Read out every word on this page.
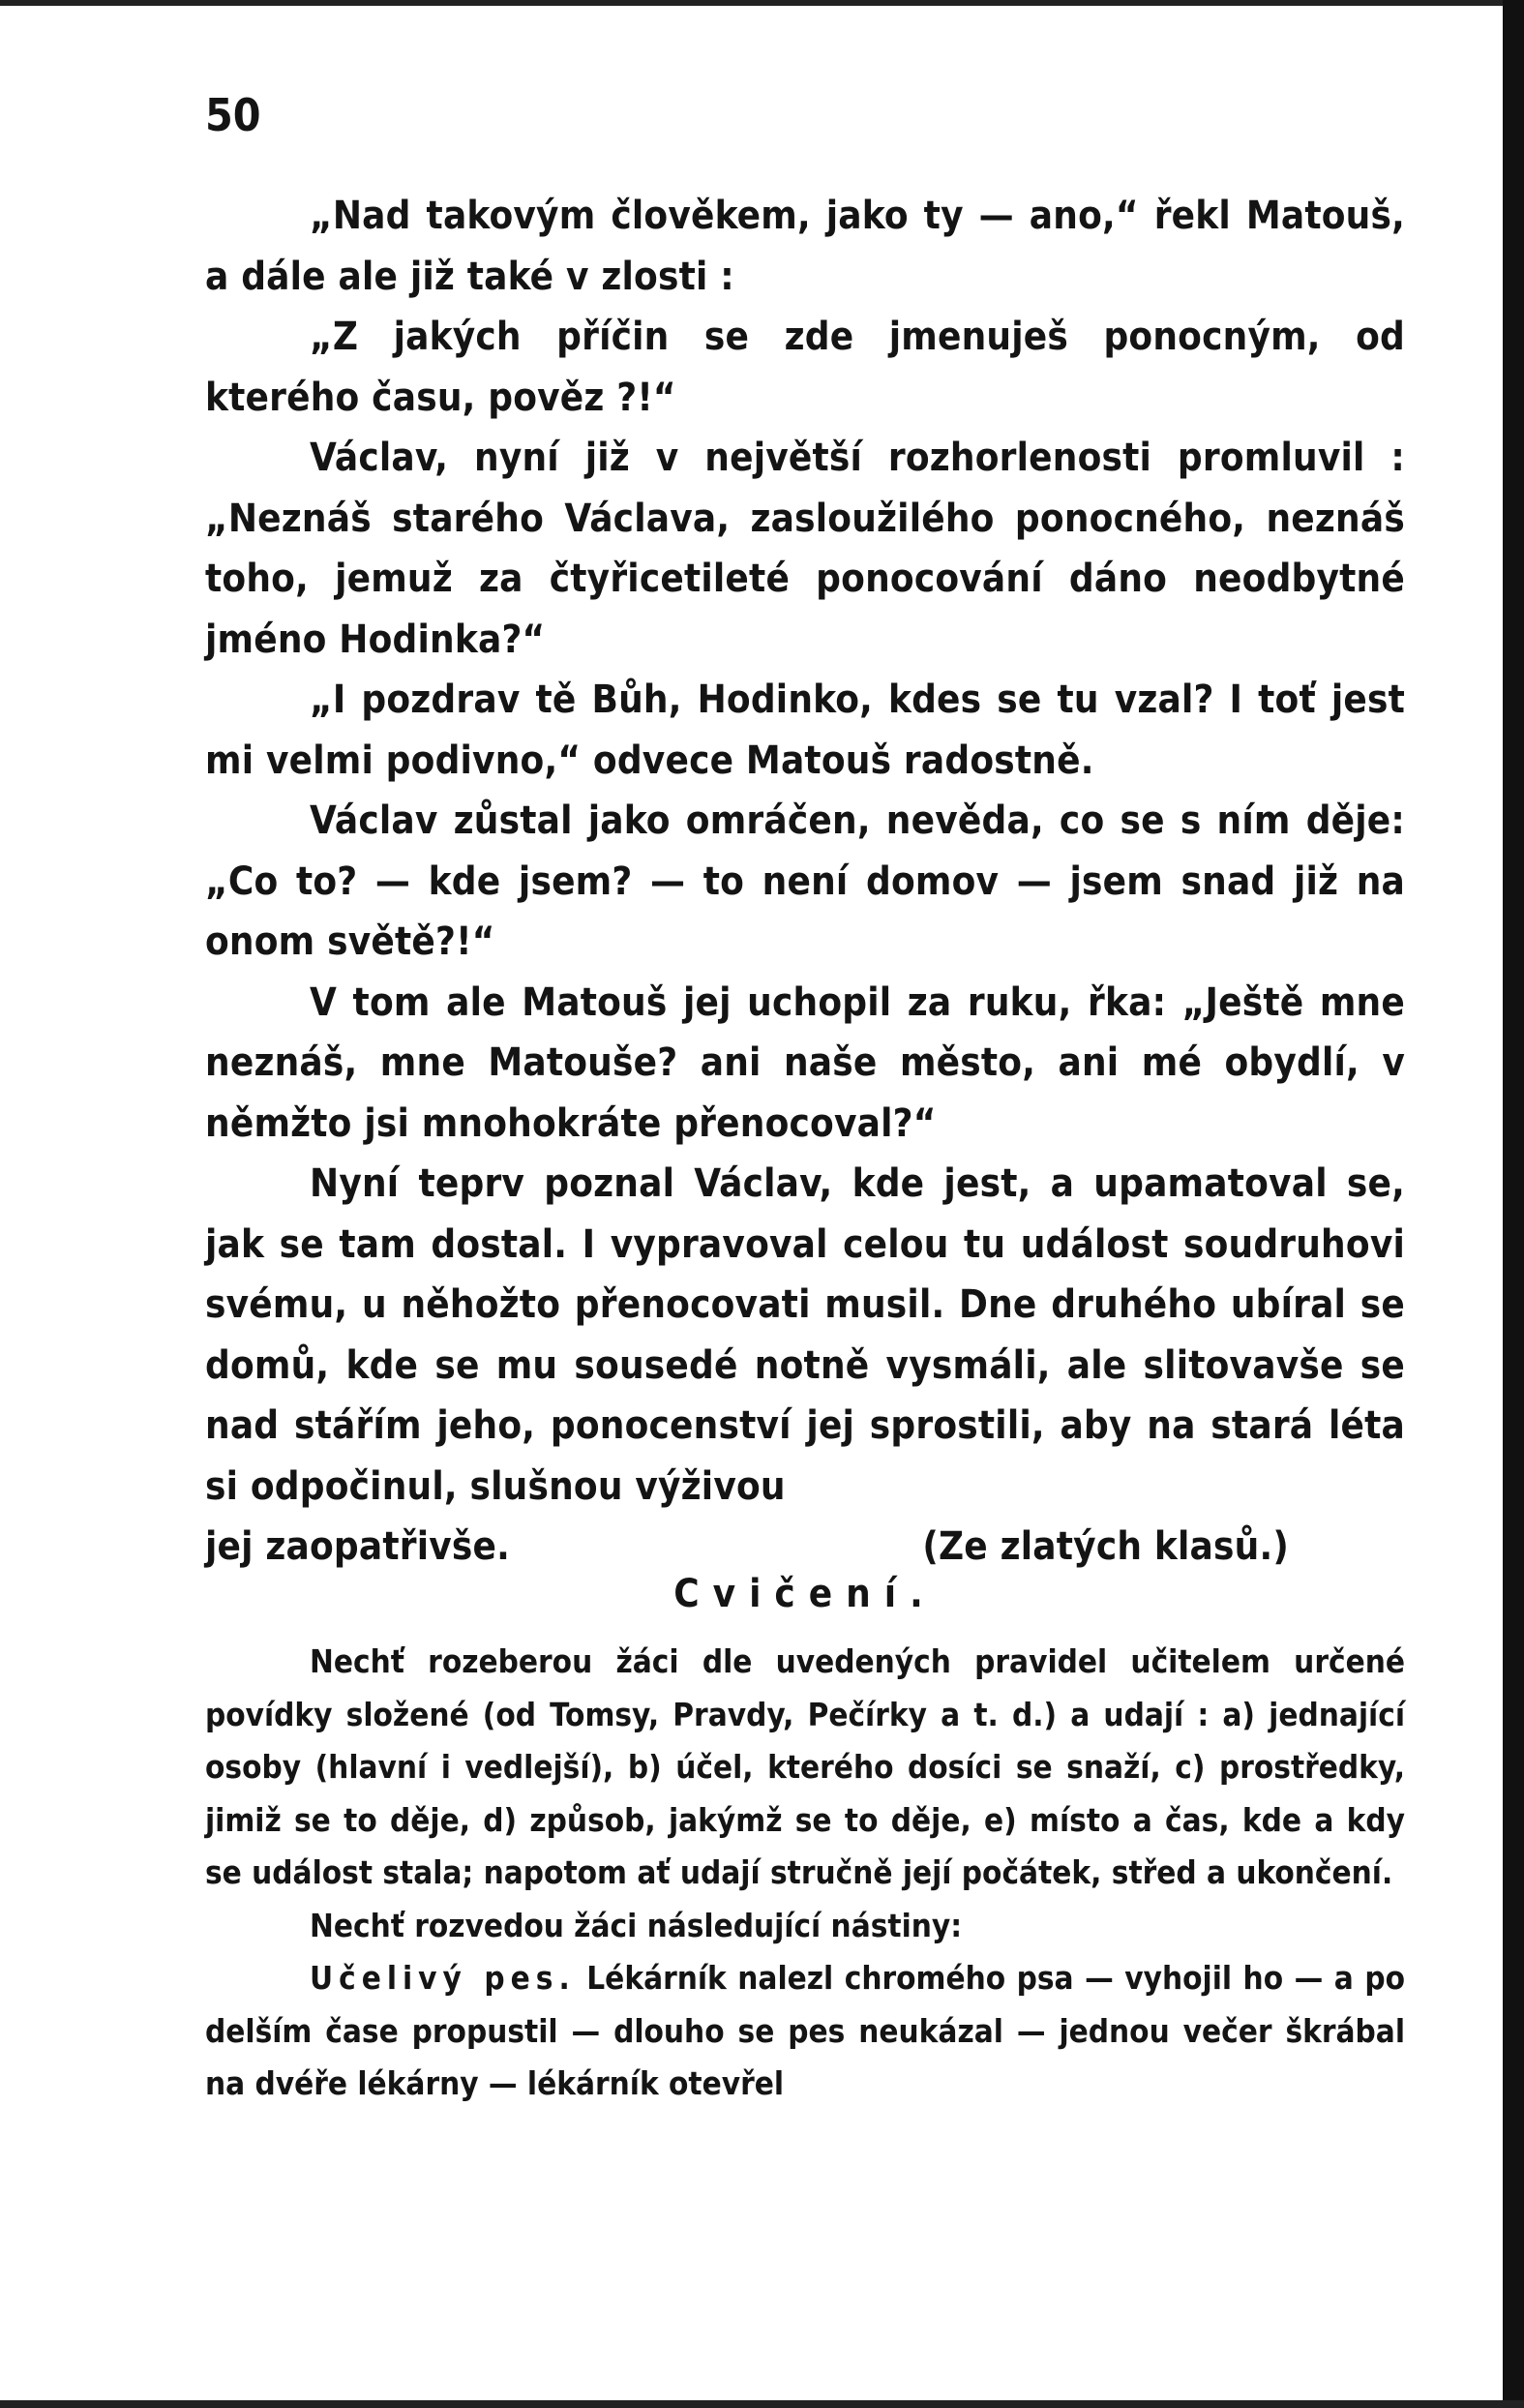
50

„Nad takovým člověkem, jako ty — ano,“ řekl Matouš, a dále ale již také v zlosti :

„Z jakých příčin se zde jmenuješ ponocným, od kterého času, pověz ?!“

Václav, nyní již v největší rozhorlenosti promluvil : „Neznáš starého Václava, zasloužilého ponocného, neznáš toho, jemuž za čtyřicetileté ponocování dáno neodbytné jméno Hodinka?“

„I pozdrav tě Bůh, Hodinko, kdes se tu vzal? I toť jest mi velmi podivno,“ odvece Matouš radostně.

Václav zůstal jako omráčen, nevěda, co se s ním děje: „Co to? — kde jsem? — to není domov — jsem snad již na onom světě?!“

V tom ale Matouš jej uchopil za ruku, řka: „Ještě mne neznáš, mne Matouše? ani naše město, ani mé obydlí, v němžto jsi mnohokráte přenocoval?“

Nyní teprv poznal Václav, kde jest, a upamatoval se, jak se tam dostal. I vypravoval celou tu událost soudruhovi svému, u něhožto přenocovati musil. Dne druhého ubíral se domů, kde se mu sousedé notně vysmáli, ale slitovavše se nad stářím jeho, ponocenství jej sprostili, aby na stará léta si odpočinul, slušnou výživou

jej zaopatřivše.	(Ze zlatých klasů.)
Cvičení.

Nechť rozeberou žáci dle uvedených pravidel učitelem určené povídky složené (od Tomsy, Pravdy, Pečírky a t. d.) a udají : a) jednající osoby (hlavní i vedlejší), b) účel, kterého dosíci se snaží, c) prostředky, jimiž se to děje, d) způsob, jakýmž se to děje, e) místo a čas, kde a kdy se událost stala; napotom ať udají stručně její počátek, střed a ukončení.

Nechť rozvedou žáci následující nástiny:

Učelivý pes. Lékárník nalezl chromého psa — vyhojil ho — a po delším čase propustil — dlouho se pes neukázal — jednou večer škrábal na dvéře lékárny — lékárník otevřel
